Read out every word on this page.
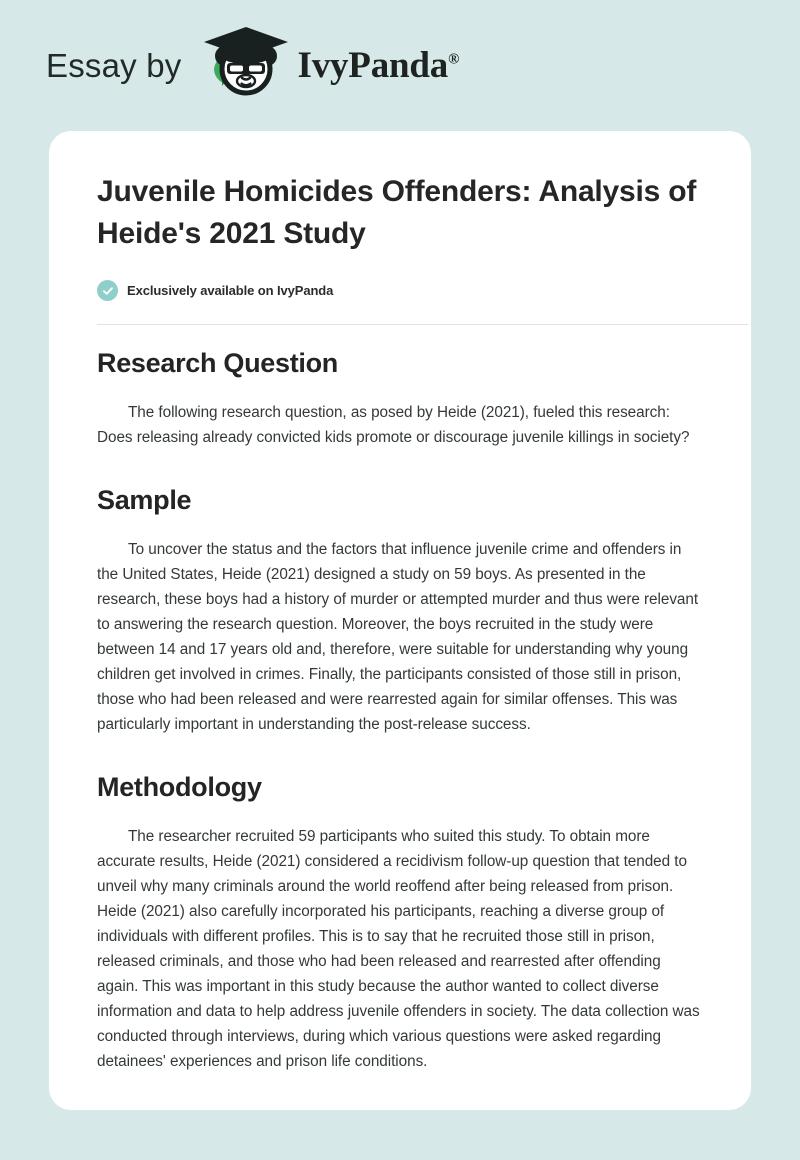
Essay by	IvyPanda®
Juvenile Homicides Offenders: Analysis of Heide's 2021 Study
Exclusively available on IvyPanda
Research Question

The following research question, as posed by Heide (2021), fueled this research: Does releasing already convicted kids promote or discourage juvenile killings in society?

Sample

To uncover the status and the factors that influence juvenile crime and offenders in the United States, Heide (2021) designed a study on 59 boys. As presented in the research, these boys had a history of murder or attempted murder and thus were relevant to answering the research question. Moreover, the boys recruited in the study were between 14 and 17 years old and, therefore, were suitable for understanding why young children get involved in crimes. Finally, the participants consisted of those still in prison, those who had been released and were rearrested again for similar offenses. This was particularly important in understanding the post-release success.

Methodology

The researcher recruited 59 participants who suited this study. To obtain more accurate results, Heide (2021) considered a recidivism follow-up question that tended to unveil why many criminals around the world reoffend after being released from prison. Heide (2021) also carefully incorporated his participants, reaching a diverse group of individuals with different profiles. This is to say that he recruited those still in prison, released criminals, and those who had been released and rearrested after offending again. This was important in this study because the author wanted to collect diverse information and data to help address juvenile offenders in society. The data collection was conducted through interviews, during which various questions were asked regarding detainees' experiences and prison life conditions.
